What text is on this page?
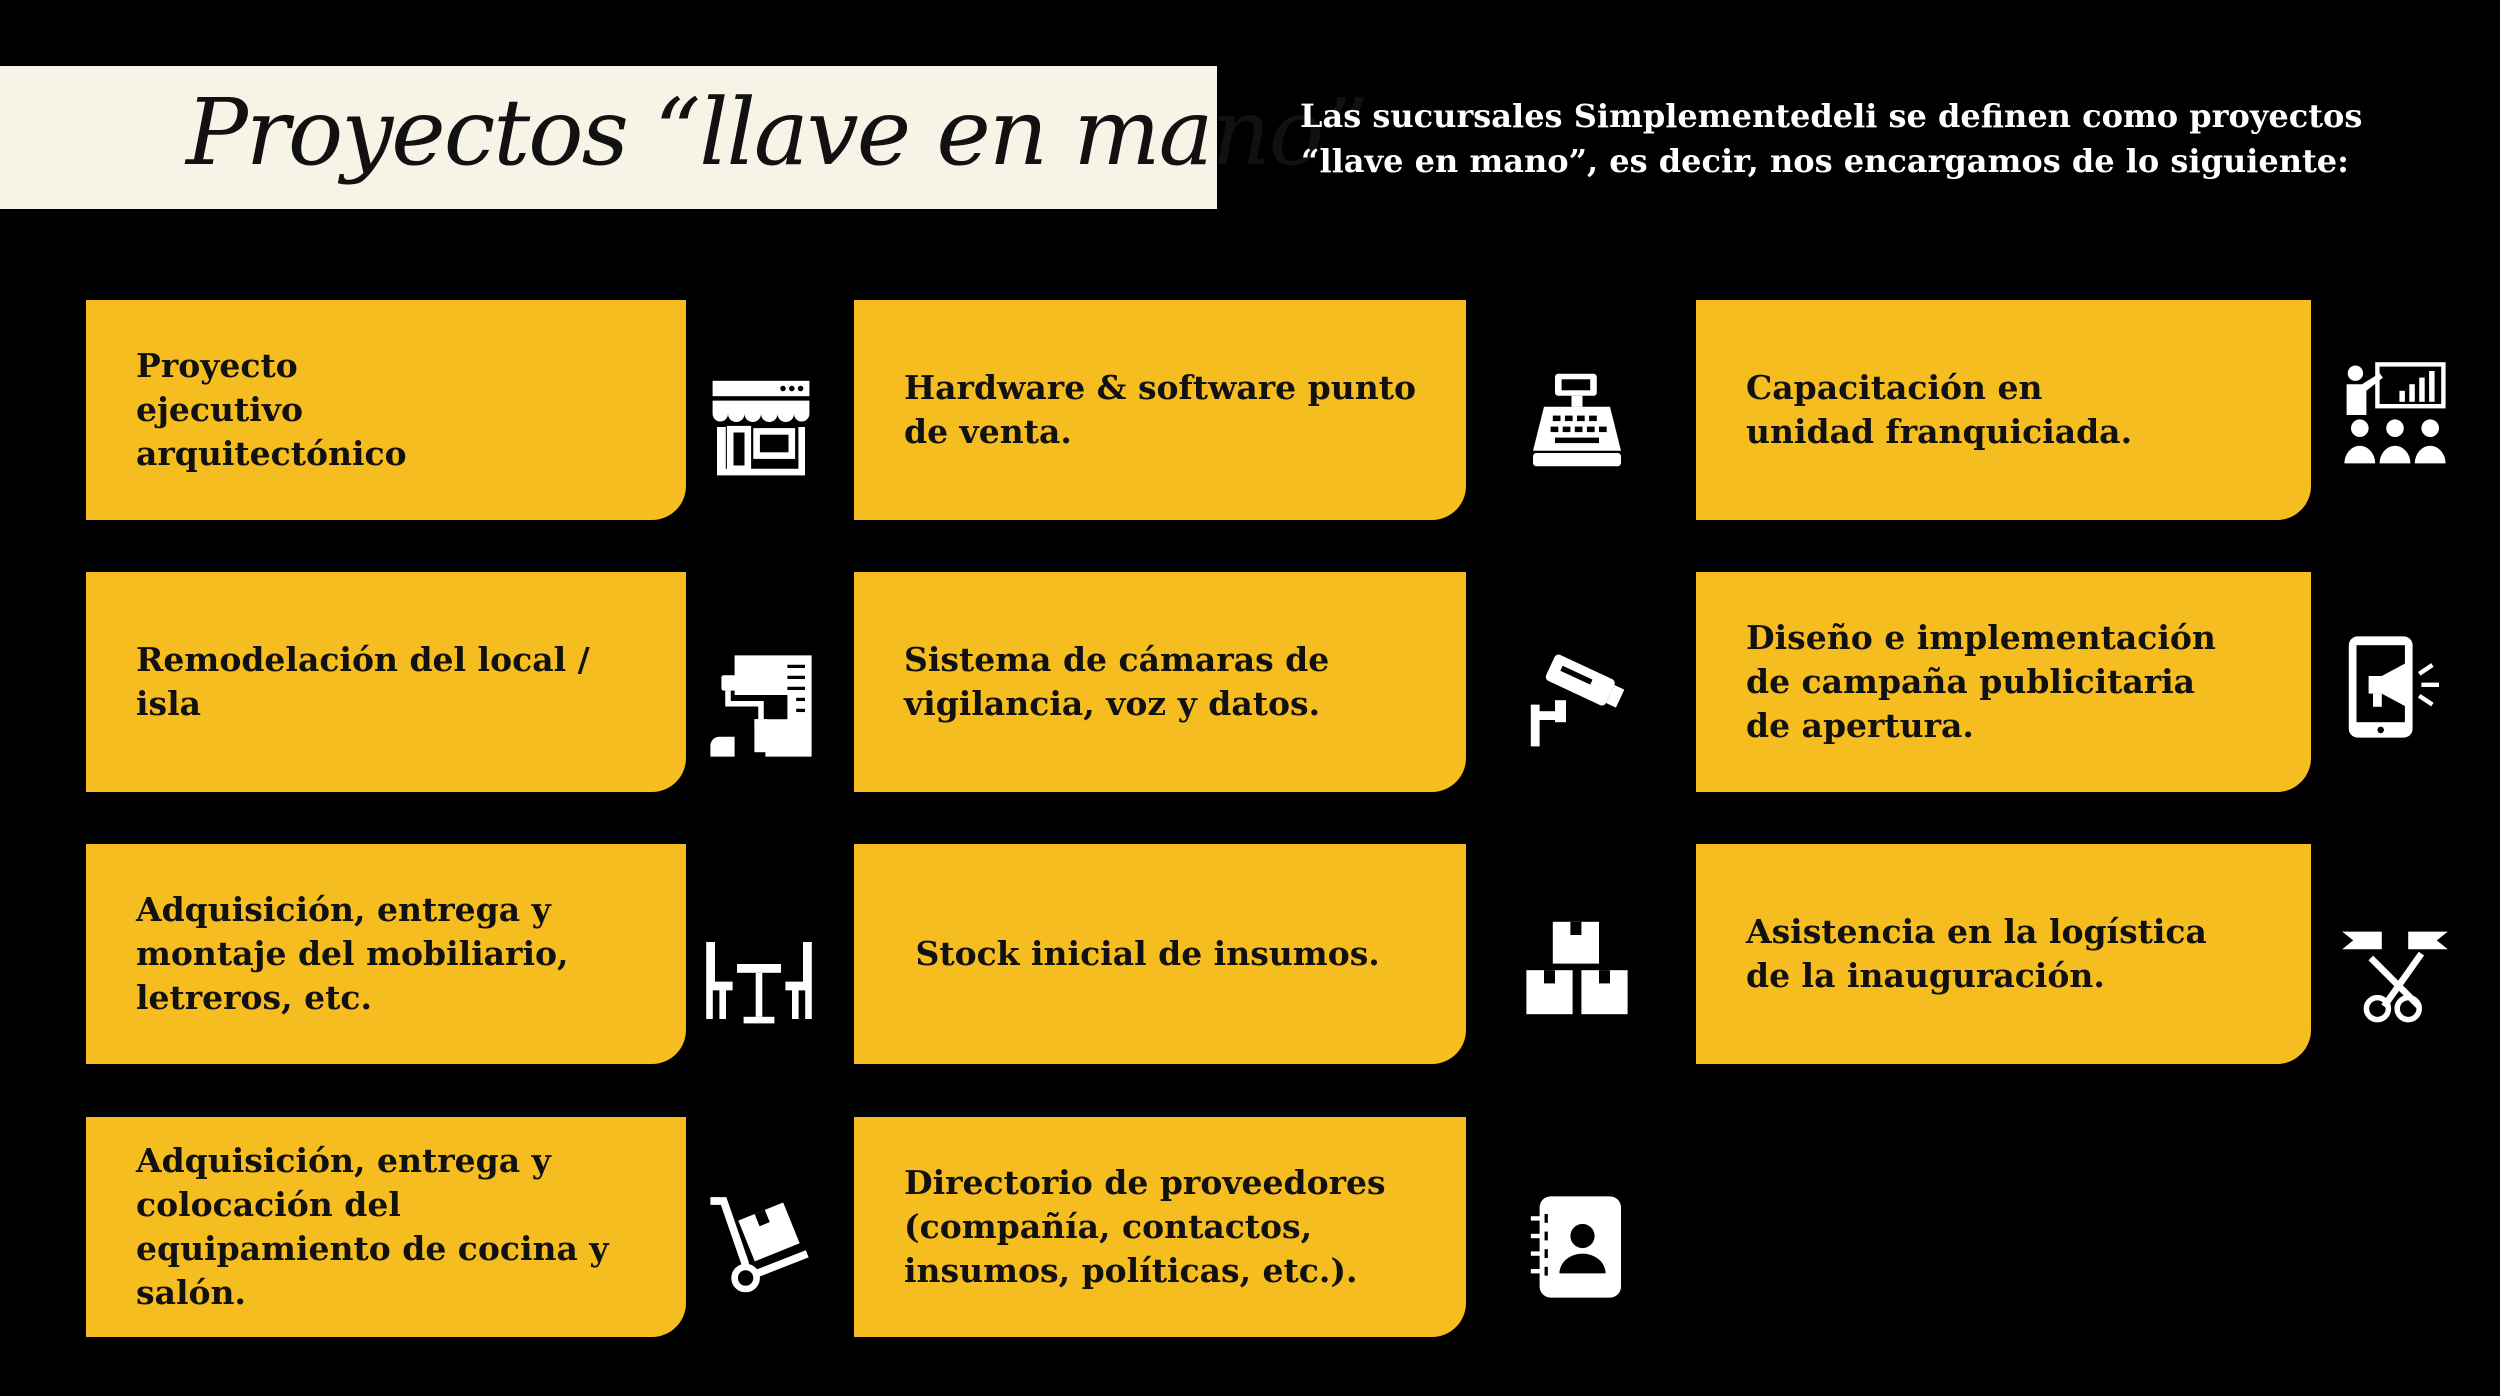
Proyectos “llave en mano”
Las sucursales Simplementedeli se definen como proyectos
“llave en mano”, es decir, nos encargamos de lo siguiente:
Proyecto ejecutivo arquitectónico
Hardware & software punto de venta.
Capacitación en unidad franquiciada.
Remodelación del local / isla
Sistema de cámaras de vigilancia, voz y datos.
Diseño e implementación de campaña publicitaria de apertura.
Adquisición, entrega y montaje del mobiliario, letreros, etc.
Stock inicial de insumos.
Asistencia en la logística de la inauguración.
Adquisición, entrega y colocación del equipamiento de cocina y salón.
Directorio de proveedores (compañía, contactos, insumos, políticas, etc.).
